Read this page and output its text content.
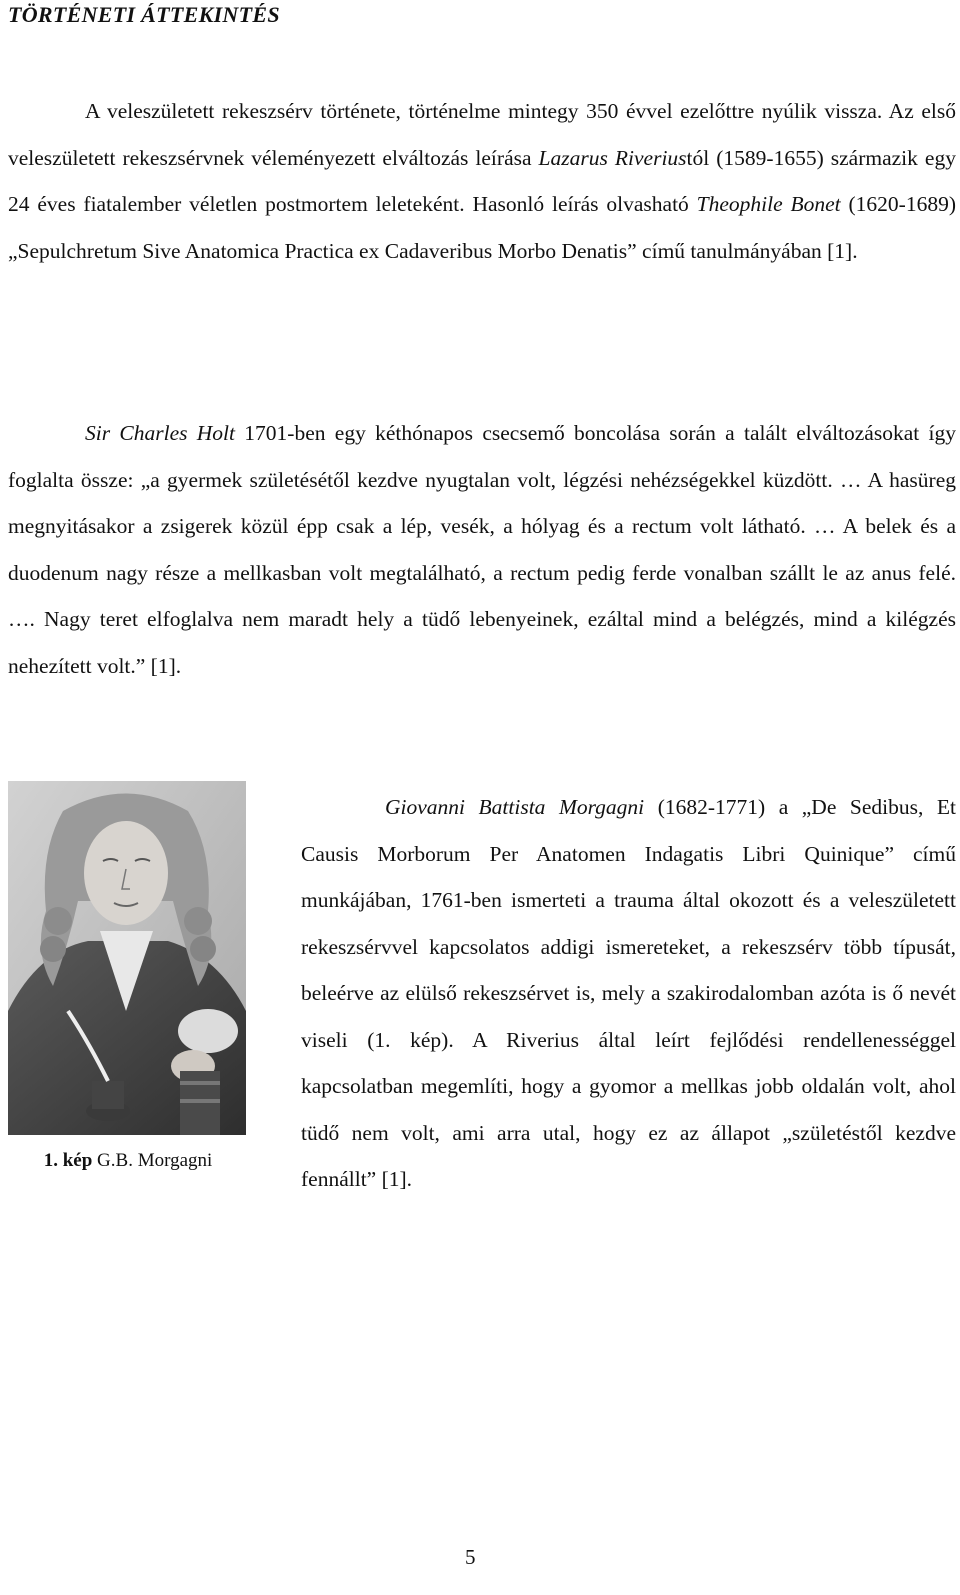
TÖRTÉNETI ÁTTEKINTÉS

A veleszületett rekeszsérv története, történelme mintegy 350 évvel ezelőttre nyúlik vissza. Az első veleszületett rekeszsérvnek véleményezett elváltozás leírása Lazarus Riveriustól (1589-1655) származik egy 24 éves fiatalember véletlen postmortem leleteként. Hasonló leírás olvasható Theophile Bonet (1620-1689) „Sepulchretum Sive Anatomica Practica ex Cadaveribus Morbo Denatis” című tanulmányában [1].

Sir Charles Holt 1701-ben egy kéthónapos csecsemő boncolása során a talált elváltozásokat így foglalta össze: „a gyermek születésétől kezdve nyugtalan volt, légzési nehézségekkel küzdött. … A hasüreg megnyitásakor a zsigerek közül épp csak a lép, vesék, a hólyag és a rectum volt látható. … A belek és a duodenum nagy része a mellkasban volt megtalálható, a rectum pedig ferde vonalban szállt le az anus felé. …. Nagy teret elfoglalva nem maradt hely a tüdő lebenyeinek, ezáltal mind a belégzés, mind a kilégzés nehezített volt.” [1].

Giovanni Battista Morgagni (1682-1771) a „De Sedibus, Et Causis Morborum Per Anatomen Indagatis Libri Quinique” című munkájában, 1761-ben ismerteti a trauma által okozott és a veleszületett rekeszsérvvel kapcsolatos addigi ismereteket, a rekeszsérv több típusát, beleérve az elülső rekeszsérvet is, mely a szakirodalomban azóta is ő nevét viseli (1. kép). A Riverius által leírt fejlődési rendellenességgel kapcsolatban megemlíti, hogy a gyomor a mellkas jobb oldalán volt, ahol tüdő nem volt, ami arra utal, hogy ez az állapot „születéstől kezdve fennállt” [1].

1. kép G.B. Morgagni
5
